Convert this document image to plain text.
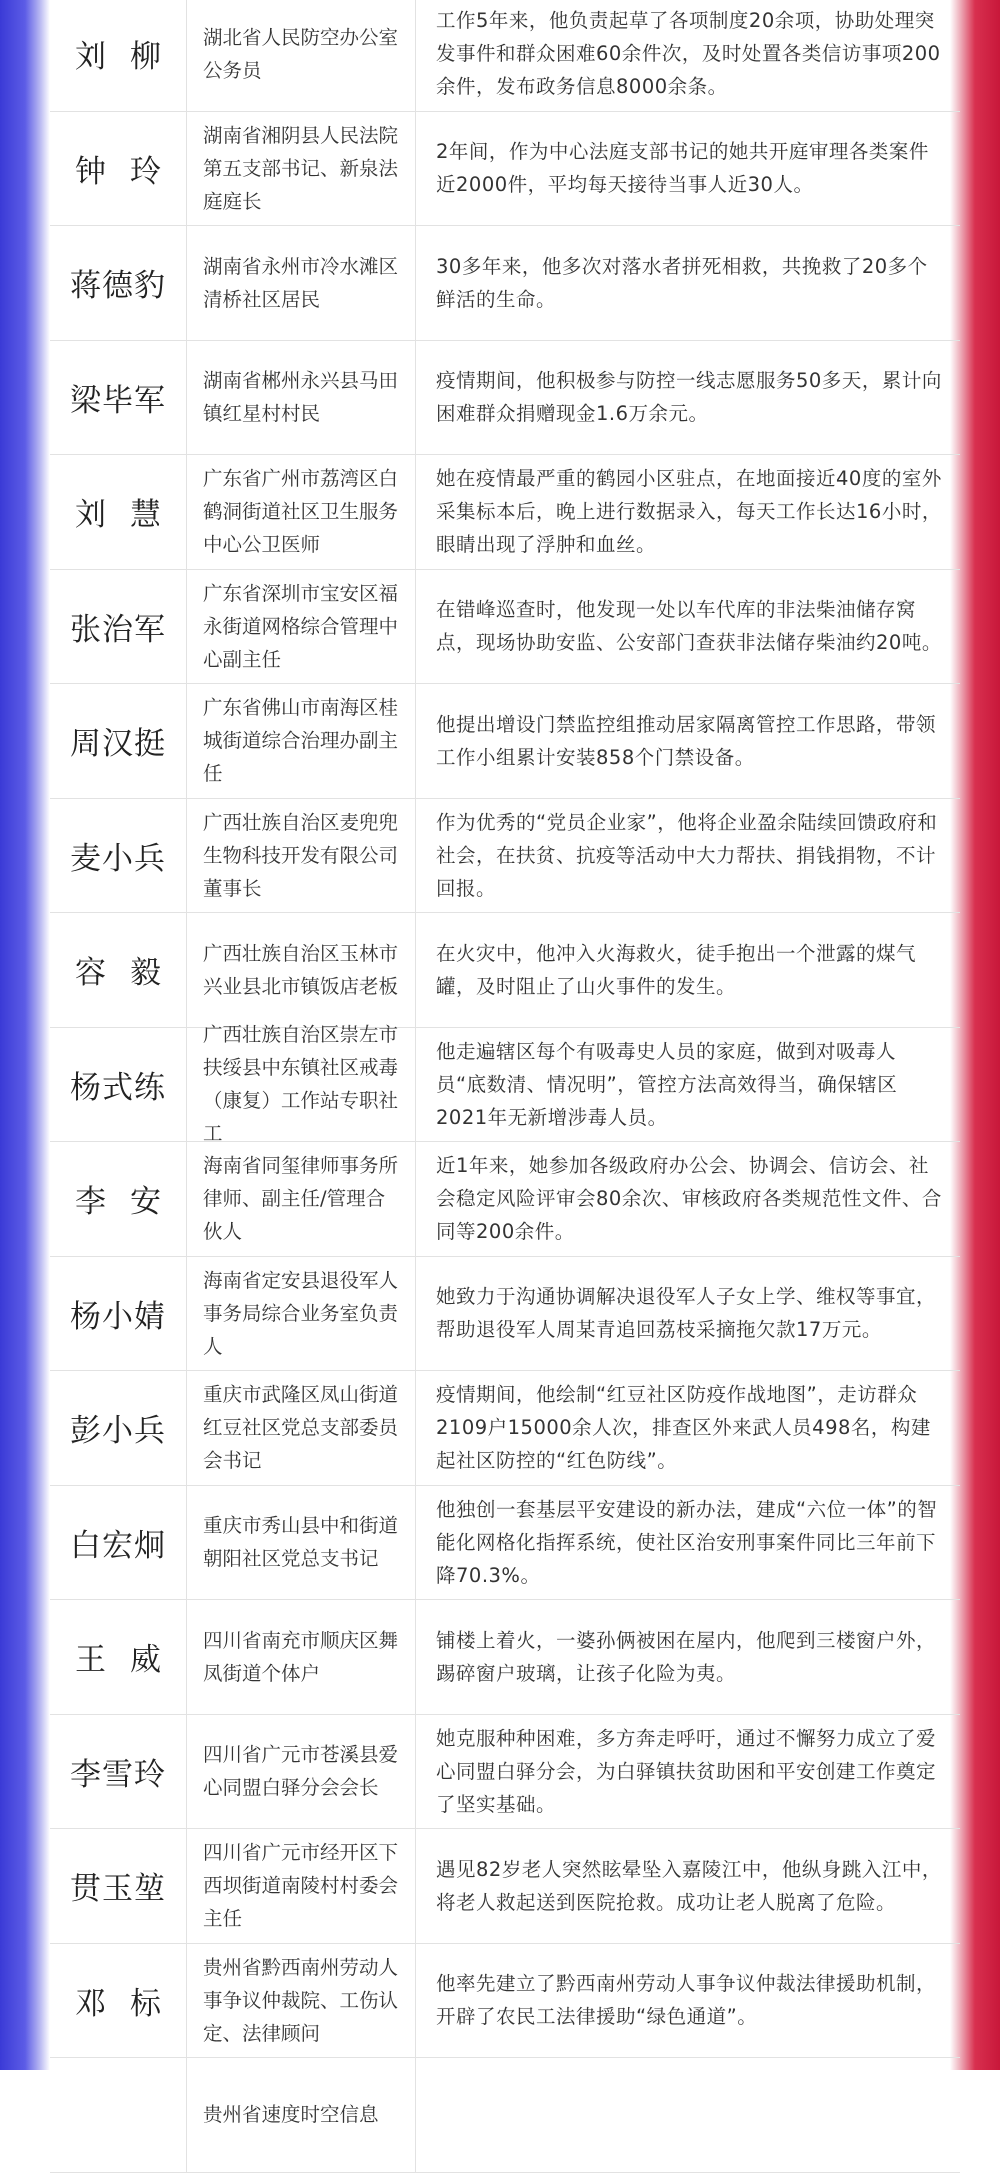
刘柳
湖北省人民防空办公室公务员
工作5年来，他负责起草了各项制度20余项，协助处理突发事件和群众困难60余件次，及时处置各类信访事项200余件，发布政务信息8000余条。
钟玲
湖南省湘阴县人民法院第五支部书记、新泉法庭庭长
2年间，作为中心法庭支部书记的她共开庭审理各类案件近2000件，平均每天接待当事人近30人。
蒋德豹
湖南省永州市冷水滩区清桥社区居民
30多年来，他多次对落水者拼死相救，共挽救了20多个鲜活的生命。
梁毕军
湖南省郴州永兴县马田镇红星村村民
疫情期间，他积极参与防控一线志愿服务50多天，累计向困难群众捐赠现金1.6万余元。
刘慧
广东省广州市荔湾区白鹤洞街道社区卫生服务中心公卫医师
她在疫情最严重的鹤园小区驻点，在地面接近40度的室外采集标本后，晚上进行数据录入，每天工作长达16小时，眼睛出现了浮肿和血丝。
张治军
广东省深圳市宝安区福永街道网格综合管理中心副主任
在错峰巡查时，他发现一处以车代库的非法柴油储存窝点，现场协助安监、公安部门查获非法储存柴油约20吨。
周汉挺
广东省佛山市南海区桂城街道综合治理办副主任
他提出增设门禁监控组推动居家隔离管控工作思路，带领工作小组累计安装858个门禁设备。
麦小兵
广西壮族自治区麦兜兜生物科技开发有限公司董事长
作为优秀的“党员企业家”，他将企业盈余陆续回馈政府和社会，在扶贫、抗疫等活动中大力帮扶、捐钱捐物，不计回报。
容毅
广西壮族自治区玉林市兴业县北市镇饭店老板
在火灾中，他冲入火海救火，徒手抱出一个泄露的煤气罐，及时阻止了山火事件的发生。
杨式练
广西壮族自治区崇左市扶绥县中东镇社区戒毒（康复）工作站专职社工
他走遍辖区每个有吸毒史人员的家庭，做到对吸毒人员“底数清、情况明”，管控方法高效得当，确保辖区2021年无新增涉毒人员。
李安
海南省同玺律师事务所律师、副主任/管理合伙人
近1年来，她参加各级政府办公会、协调会、信访会、社会稳定风险评审会80余次、审核政府各类规范性文件、合同等200余件。
杨小婧
海南省定安县退役军人事务局综合业务室负责人
她致力于沟通协调解决退役军人子女上学、维权等事宜，帮助退役军人周某青追回荔枝采摘拖欠款17万元。
彭小兵
重庆市武隆区凤山街道红豆社区党总支部委员会书记
疫情期间，他绘制“红豆社区防疫作战地图”，走访群众2109户15000余人次，排查区外来武人员498名，构建起社区防控的“红色防线”。
白宏炯
重庆市秀山县中和街道朝阳社区党总支书记
他独创一套基层平安建设的新办法，建成“六位一体”的智能化网格化指挥系统，使社区治安刑事案件同比三年前下降70.3%。
王威
四川省南充市顺庆区舞凤街道个体户
铺楼上着火，一婆孙俩被困在屋内，他爬到三楼窗户外，踢碎窗户玻璃，让孩子化险为夷。
李雪玲
四川省广元市苍溪县爱心同盟白驿分会会长
她克服种种困难，多方奔走呼吁，通过不懈努力成立了爱心同盟白驿分会，为白驿镇扶贫助困和平安创建工作奠定了坚实基础。
贯玉堃
四川省广元市经开区下西坝街道南陵村村委会主任
遇见82岁老人突然眩晕坠入嘉陵江中，他纵身跳入江中，将老人救起送到医院抢救。成功让老人脱离了危险。
邓标
贵州省黔西南州劳动人事争议仲裁院、工伤认定、法律顾问
他率先建立了黔西南州劳动人事争议仲裁法律援助机制，开辟了农民工法律援助“绿色通道”。
贵州省速度时空信息
